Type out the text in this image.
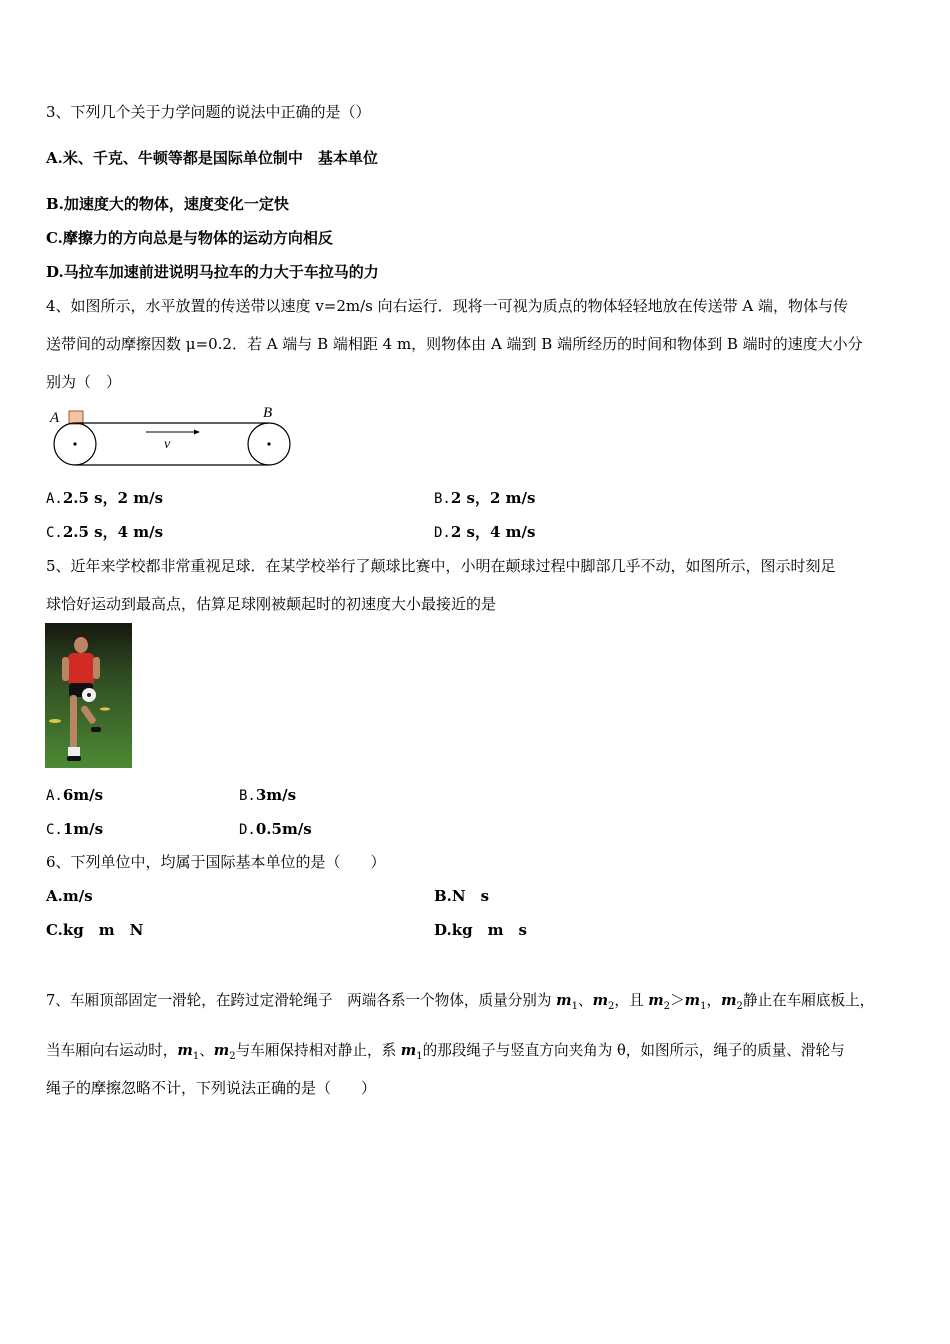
3、下列几个关于力学问题的说法中正确的是（）
A.米、千克、牛顿等都是国际单位制中　基本单位
B.加速度大的物体，速度变化一定快
C.摩擦力的方向总是与物体的运动方向相反
D.马拉车加速前进说明马拉车的力大于车拉马的力
4、如图所示，水平放置的传送带以速度 v=2m/s 向右运行．现将一可视为质点的物体轻轻地放在传送带 A 端，物体与传
送带间的动摩擦因数 μ=0.2．若 A 端与 B 端相距 4 m，则物体由 A 端到 B 端所经历的时间和物体到 B 端时的速度大小分
别为（　）
A	B
v
A.2.5 s，2 m/s	B.2 s，2 m/s
C.2.5 s，4 m/s	D.2 s，4 m/s
5、近年来学校都非常重视足球．在某学校举行了颠球比赛中，小明在颠球过程中脚部几乎不动，如图所示，图示时刻足
球恰好运动到最高点，估算足球刚被颠起时的初速度大小最接近的是
A.6m/s	B.3m/s
C.1m/s	D.0.5m/s
6、下列单位中，均属于国际基本单位的是（　　）
A.m/s	B.N　s
C.kg　m　N	D.kg　m　s
7、车厢顶部固定一滑轮，在跨过定滑轮绳子　两端各系一个物体，质量分别为 $m_1$、$m_2$，且 $m_2>m_1$，$m_2$静止在车厢底板上，
当车厢向右运动时，$m_1$、$m_2$与车厢保持相对静止，系 $m_1$的那段绳子与竖直方向夹角为 θ，如图所示，绳子的质量、滑轮与
绳子的摩擦忽略不计，下列说法正确的是（　　）
